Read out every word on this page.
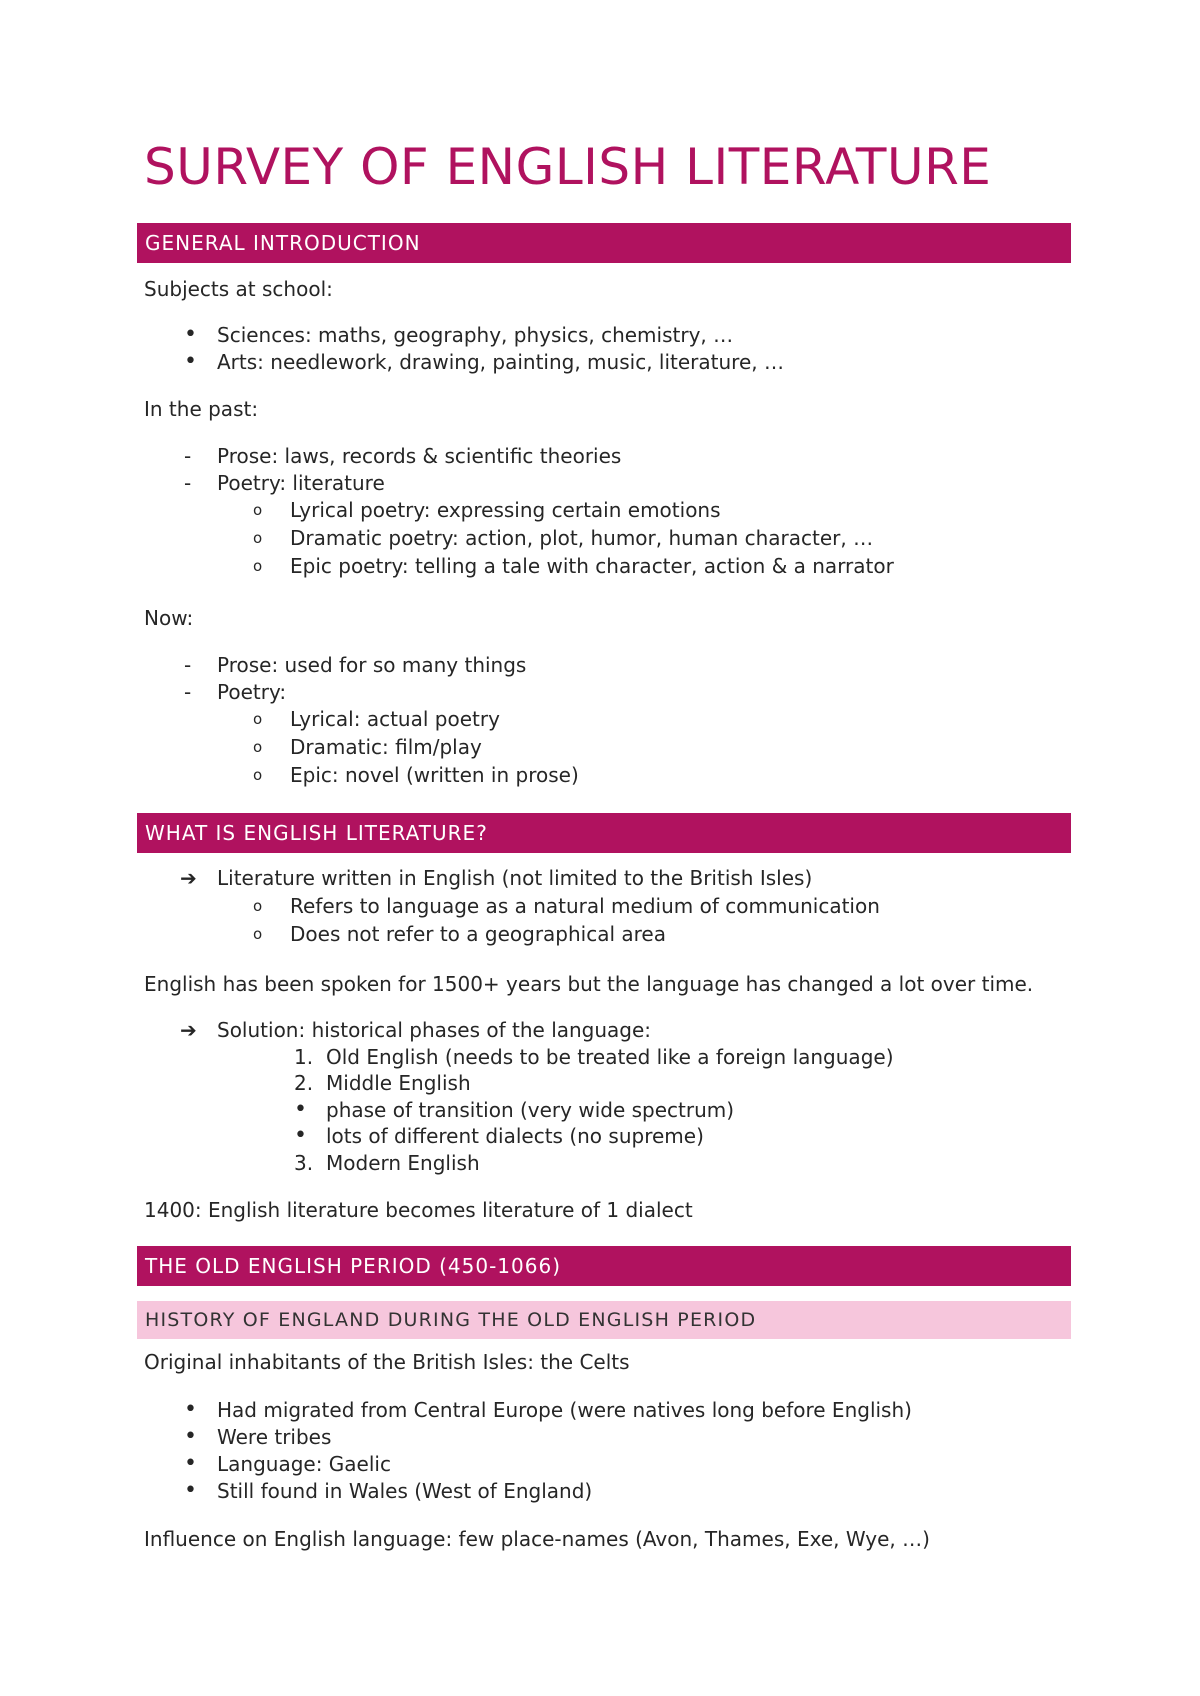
SURVEY OF ENGLISH LITERATURE
GENERAL INTRODUCTION
Subjects at school:
• Sciences: maths, geography, physics, chemistry, …
• Arts: needlework, drawing, painting, music, literature, …
In the past:
- Prose: laws, records & scientific theories
- Poetry: literature
o Lyrical poetry: expressing certain emotions
o Dramatic poetry: action, plot, humor, human character, …
o Epic poetry: telling a tale with character, action & a narrator
Now:
- Prose: used for so many things
- Poetry:
o Lyrical: actual poetry
o Dramatic: film/play
o Epic: novel (written in prose)
WHAT IS ENGLISH LITERATURE?
➔ Literature written in English (not limited to the British Isles)
o Refers to language as a natural medium of communication
o Does not refer to a geographical area
English has been spoken for 1500+ years but the language has changed a lot over time.
➔ Solution: historical phases of the language:
1. Old English (needs to be treated like a foreign language)
2. Middle English
• phase of transition (very wide spectrum)
• lots of different dialects (no supreme)
3. Modern English
1400: English literature becomes literature of 1 dialect
THE OLD ENGLISH PERIOD (450-1066)
HISTORY OF ENGLAND DURING THE OLD ENGLISH PERIOD
Original inhabitants of the British Isles: the Celts
• Had migrated from Central Europe (were natives long before English)
• Were tribes
• Language: Gaelic
• Still found in Wales (West of England)
Influence on English language: few place-names (Avon, Thames, Exe, Wye, …)
